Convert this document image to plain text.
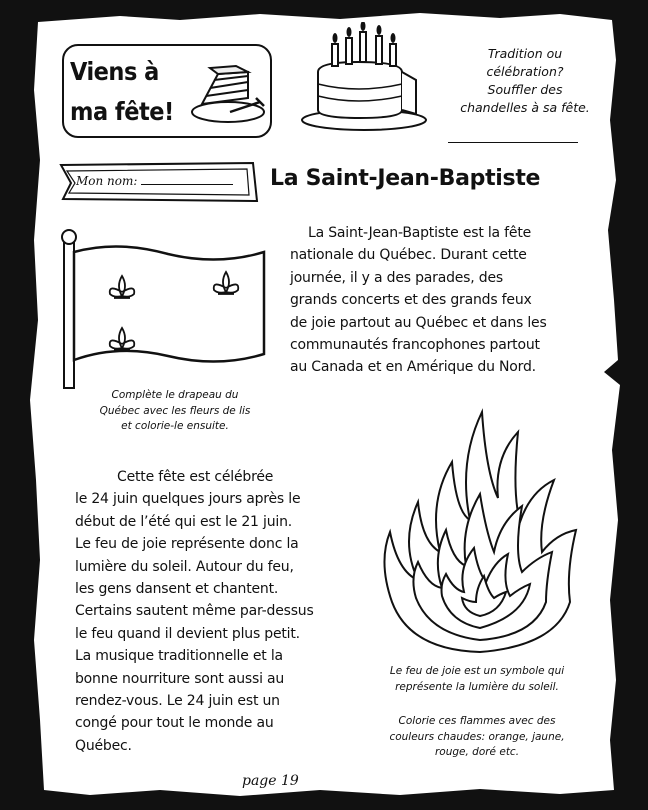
Viens à
ma fête!
Tradition ou
célébration?
Souffler des
chandelles à sa fête.
Mon nom:	La Saint-Jean-Baptiste
La Saint-Jean-Baptiste est la fête
nationale du Québec. Durant cette
journée, il y a des parades, des
grands concerts et des grands feux
de joie partout au Québec et dans les
communautés francophones partout
au Canada et en Amérique du Nord.
Complète le drapeau du
Québec avec les fleurs de lis
et colorie-le ensuite.
Cette fête est célébrée
le 24 juin quelques jours après le
début de l’été qui est le 21 juin.
Le feu de joie représente donc la
lumière du soleil. Autour du feu,
les gens dansent et chantent.
Certains sautent même par-dessus
le feu quand il devient plus petit.
La musique traditionnelle et la
bonne nourriture sont aussi au
rendez-vous. Le 24 juin est un
congé pour tout le monde au
Québec.
Le feu de joie est un symbole qui
représente la lumière du soleil.
Colorie ces flammes avec des
couleurs chaudes: orange, jaune,
rouge, doré etc.
page 19
